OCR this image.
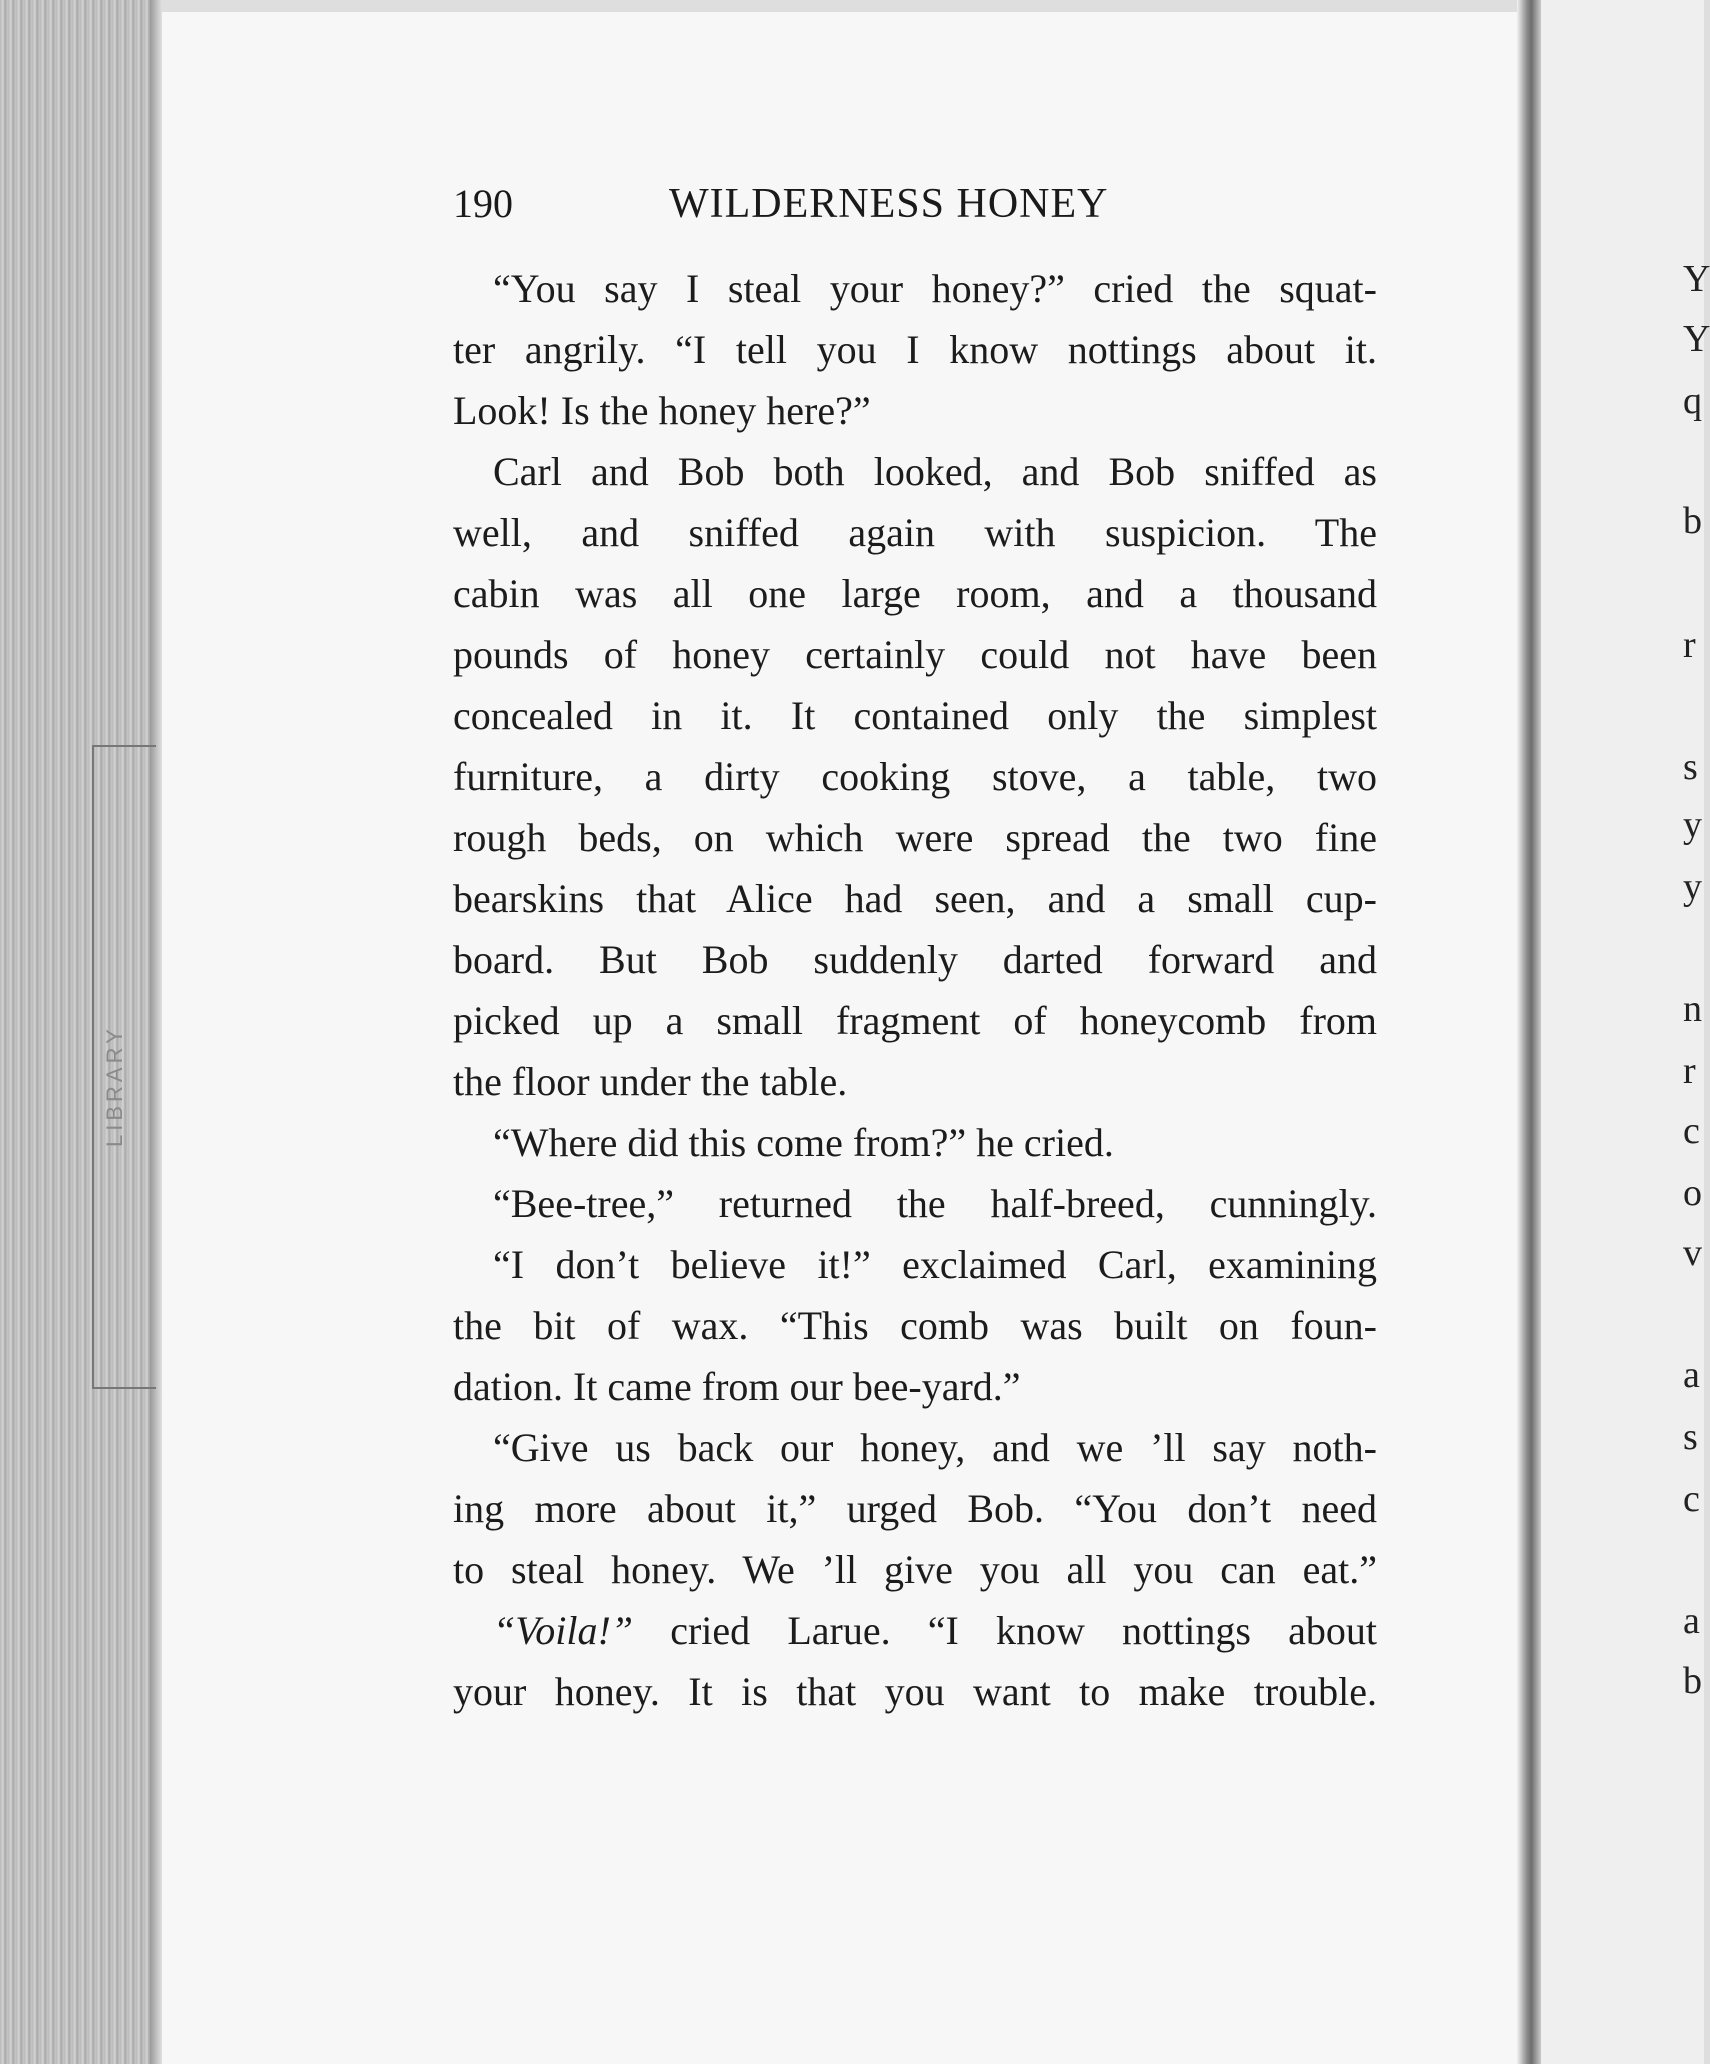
LIBRARY
Y
Y
q
b
r
s
y
y
n
r
c
o
v
a
s
c
a
b
190	WILDERNESS HONEY
“You say I steal your honey?” cried the squat-
ter angrily. “I tell you I know nottings about it.
Look! Is the honey here?”
Carl and Bob both looked, and Bob sniffed as
well, and sniffed again with suspicion. The
cabin was all one large room, and a thousand
pounds of honey certainly could not have been
concealed in it. It contained only the simplest
furniture, a dirty cooking stove, a table, two
rough beds, on which were spread the two fine
bearskins that Alice had seen, and a small cup-
board. But Bob suddenly darted forward and
picked up a small fragment of honeycomb from
the floor under the table.
“Where did this come from?” he cried.
“Bee-tree,” returned the half-breed, cunningly.
“I don’t believe it!” exclaimed Carl, examining
the bit of wax. “This comb was built on foun-
dation. It came from our bee-yard.”
“Give us back our honey, and we ’ll say noth-
ing more about it,” urged Bob. “You don’t need
to steal honey. We ’ll give you all you can eat.”
“Voila!” cried Larue. “I know nottings about
your honey. It is that you want to make trouble.
